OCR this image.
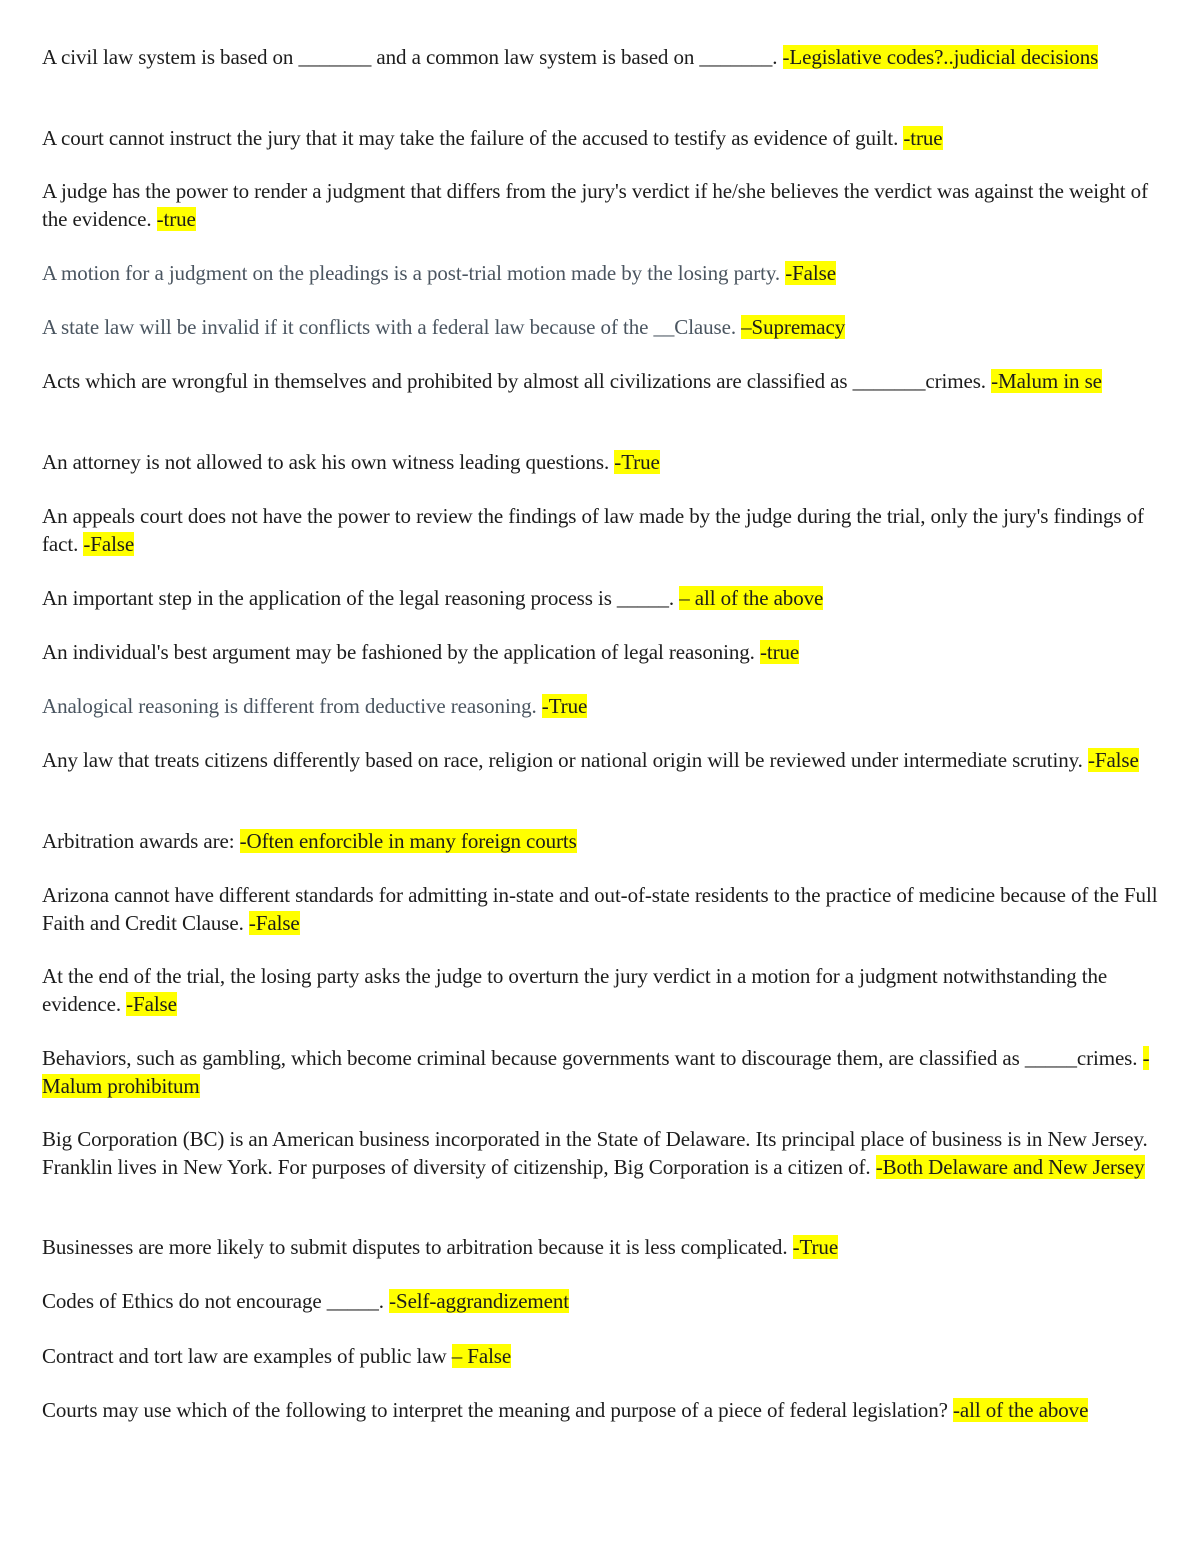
A civil law system is based on _______ and a common law system is based on _______. -Legislative codes?..judicial decisions

A court cannot instruct the jury that it may take the failure of the accused to testify as evidence of guilt. -true

A judge has the power to render a judgment that differs from the jury's verdict if he/she believes the verdict was against the weight of the evidence. -true

A motion for a judgment on the pleadings is a post-trial motion made by the losing party. -False

A state law will be invalid if it conflicts with a federal law because of the __Clause. –Supremacy

Acts which are wrongful in themselves and prohibited by almost all civilizations are classified as _______crimes. -Malum in se

An attorney is not allowed to ask his own witness leading questions. -True

An appeals court does not have the power to review the findings of law made by the judge during the trial, only the jury's findings of fact. -False

An important step in the application of the legal reasoning process is _____. – all of the above

An individual's best argument may be fashioned by the application of legal reasoning. -true

Analogical reasoning is different from deductive reasoning. -True

Any law that treats citizens differently based on race, religion or national origin will be reviewed under intermediate scrutiny. -False

Arbitration awards are: -Often enforcible in many foreign courts

Arizona cannot have different standards for admitting in-state and out-of-state residents to the practice of medicine because of the Full Faith and Credit Clause. -False

At the end of the trial, the losing party asks the judge to overturn the jury verdict in a motion for a judgment notwithstanding the evidence. -False

Behaviors, such as gambling, which become criminal because governments want to discourage them, are classified as _____crimes. -Malum prohibitum

Big Corporation (BC) is an American business incorporated in the State of Delaware. Its principal place of business is in New Jersey. Franklin lives in New York. For purposes of diversity of citizenship, Big Corporation is a citizen of. -Both Delaware and New Jersey

Businesses are more likely to submit disputes to arbitration because it is less complicated. -True

Codes of Ethics do not encourage _____. -Self-aggrandizement

Contract and tort law are examples of public law – False

Courts may use which of the following to interpret the meaning and purpose of a piece of federal legislation? -all of the above
